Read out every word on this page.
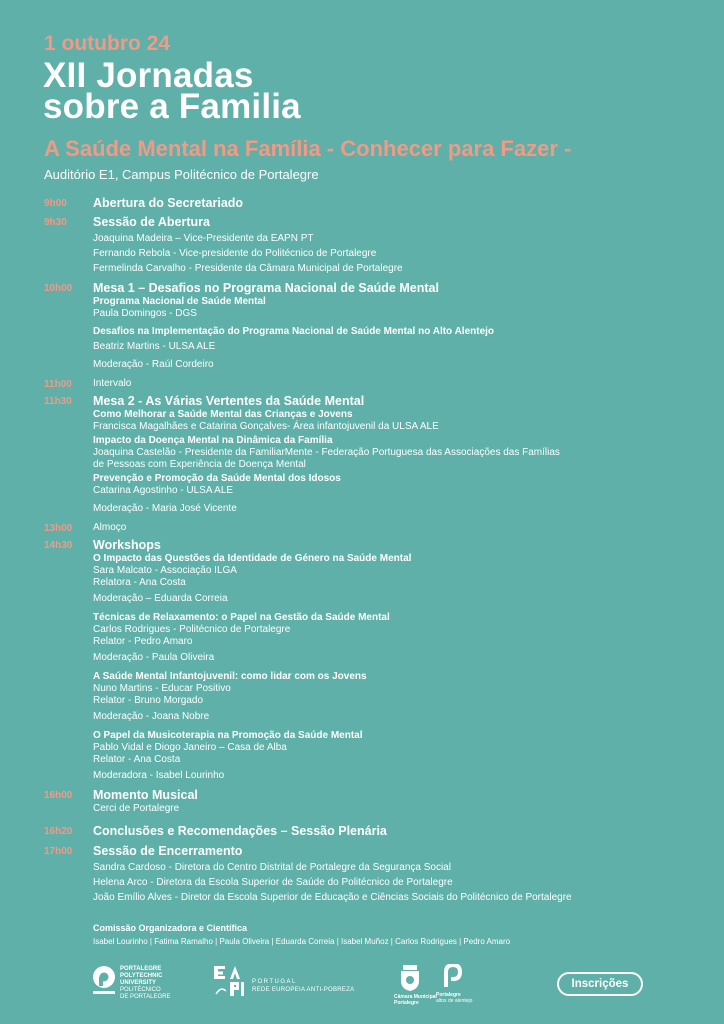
1 outubro 24
XII Jornadas
sobre a Familia
A Saúde Mental na Família - Conhecer para Fazer -
Auditório E1, Campus Politécnico de Portalegre
9h00 Abertura do Secretariado
9h30 Sessão de Abertura
Joaquina Madeira – Vice-Presidente da EAPN PT
Fernando Rebola - Vice-presidente do Politécnico de Portalegre
Fermelinda Carvalho - Presidente da Câmara Municipal de Portalegre
10h00 Mesa 1 – Desafios no Programa Nacional de Saúde Mental
Programa Nacional de Saúde Mental
Paula Domingos - DGS
Desafios na Implementação do Programa Nacional de Saúde Mental no Alto Alentejo
Beatriz Martins - ULSA ALE
Moderação - Raúl Cordeiro
11h00 Intervalo
11h30 Mesa 2 - As Várias Vertentes da Saúde Mental
Como Melhorar a Saúde Mental das Crianças e Jovens
Francisca Magalhães e Catarina Gonçalves- Área infantojuvenil da ULSA ALE
Impacto da Doença Mental na Dinâmica da Família
Joaquina Castelão - Presidente da FamiliarMente - Federação Portuguesa das Associações das Famílias
de Pessoas com Experiência de Doença Mental
Prevenção e Promoção da Saúde Mental dos Idosos
Catarina Agostinho - ULSA ALE
Moderação - Maria José Vicente
13h00 Almoço
14h30 Workshops
O Impacto das Questões da Identidade de Género na Saúde Mental
Sara Malcato - Associação ILGA
Relatora - Ana Costa
Moderação – Eduarda Correia
Técnicas de Relaxamento: o Papel na Gestão da Saúde Mental
Carlos Rodrigues - Politécnico de Portalegre
Relator - Pedro Amaro
Moderação - Paula Oliveira
A Saúde Mental Infantojuvenil: como lidar com os Jovens
Nuno Martins - Educar Positivo
Relator - Bruno Morgado
Moderação - Joana Nobre
O Papel da Musicoterapia na Promoção da Saúde Mental
Pablo Vidal e Diogo Janeiro – Casa de Alba
Relator - Ana Costa
Moderadora - Isabel Lourinho
16h00 Momento Musical
Cerci de Portalegre
16h20 Conclusões e Recomendações – Sessão Plenária
17h00 Sessão de Encerramento
Sandra Cardoso - Diretora do Centro Distrital de Portalegre da Segurança Social
Helena Arco - Diretora da Escola Superior de Saúde do Politécnico de Portalegre
João Emílio Alves - Diretor da Escola Superior de Educação e Ciências Sociais do Politécnico de Portalegre
Comissão Organizadora e Científica
Isabel Lourinho | Fatima Ramalho | Paula Oliveira | Eduarda Correia | Isabel Muñoz | Carlos Rodrigues | Pedro Amaro
PORTALEGRE
POLYTECHNIC
UNIVERSITY
POLITÉCNICO
DE PORTALEGRE
PORTUGAL
REDE EUROPEIA ANTI-POBREZA
Câmara Municipal
Portalegre
Portalegre
altos de alentejo
Inscrições
